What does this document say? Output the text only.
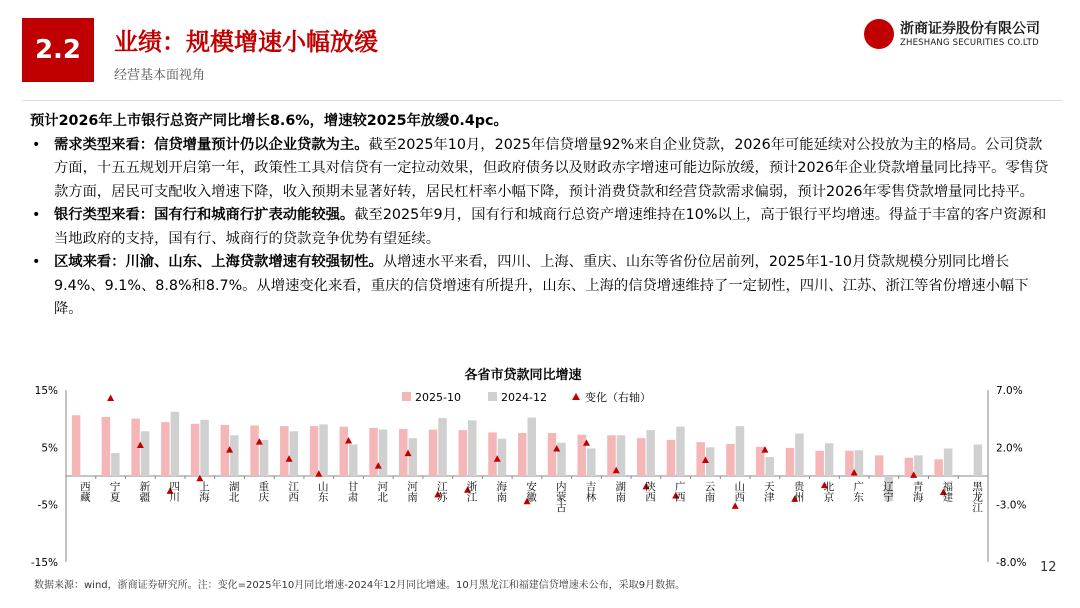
2.2	业绩：规模增速小幅放缓
经营基本面视角
浙商证券股份有限公司
ZHESHANG SECURITIES CO.LTD
预计2026年上市银行总资产同比增长8.6%，增速较2025年放缓0.4pc。
• 需求类型来看：信贷增量预计仍以企业贷款为主。截至2025年10月，2025年信贷增量92%来自企业贷款，2026年可能延续对公投放为主的格局。公司贷款方面，十五五规划开启第一年，政策性工具对信贷有一定拉动效果，但政府债务以及财政赤字增速可能边际放缓，预计2026年企业贷款增量同比持平。零售贷款方面，居民可支配收入增速下降，收入预期未显著好转，居民杠杆率小幅下降，预计消费贷款和经营贷款需求偏弱，预计2026年零售贷款增量同比持平。
• 银行类型来看：国有行和城商行扩表动能较强。截至2025年9月，国有行和城商行总资产增速维持在10%以上，高于银行平均增速。得益于丰富的客户资源和当地政府的支持，国有行、城商行的贷款竞争优势有望延续。
• 区域来看：川渝、山东、上海贷款增速有较强韧性。从增速水平来看，四川、上海、重庆、山东等省份位居前列，2025年1-10月贷款规模分别同比增长9.4%、9.1%、8.8%和8.7%。从增速变化来看，重庆的信贷增速有所提升，山东、上海的信贷增速维持了一定韧性，四川、江苏、浙江等省份增速小幅下降。
各省市贷款同比增速
2025-10	2024-12	变化（右轴）
-15%
-5%
5%
15%
-8.0%
-3.0%
2.0%
7.0%
西藏 宁夏 新疆 四川 上海 湖北 重庆 江西 山东 甘肃 河北 河南 江苏 浙江 海南 安徽 内蒙古 吉林 湖南 陕西 广西 云南 山西 天津 贵州 北京 广东 辽宁 青海 福建 黑龙江
数据来源：wind，浙商证券研究所。注：变化=2025年10月同比增速-2024年12月同比增速。10月黑龙江和福建信贷增速未公布，采取9月数据。
12
